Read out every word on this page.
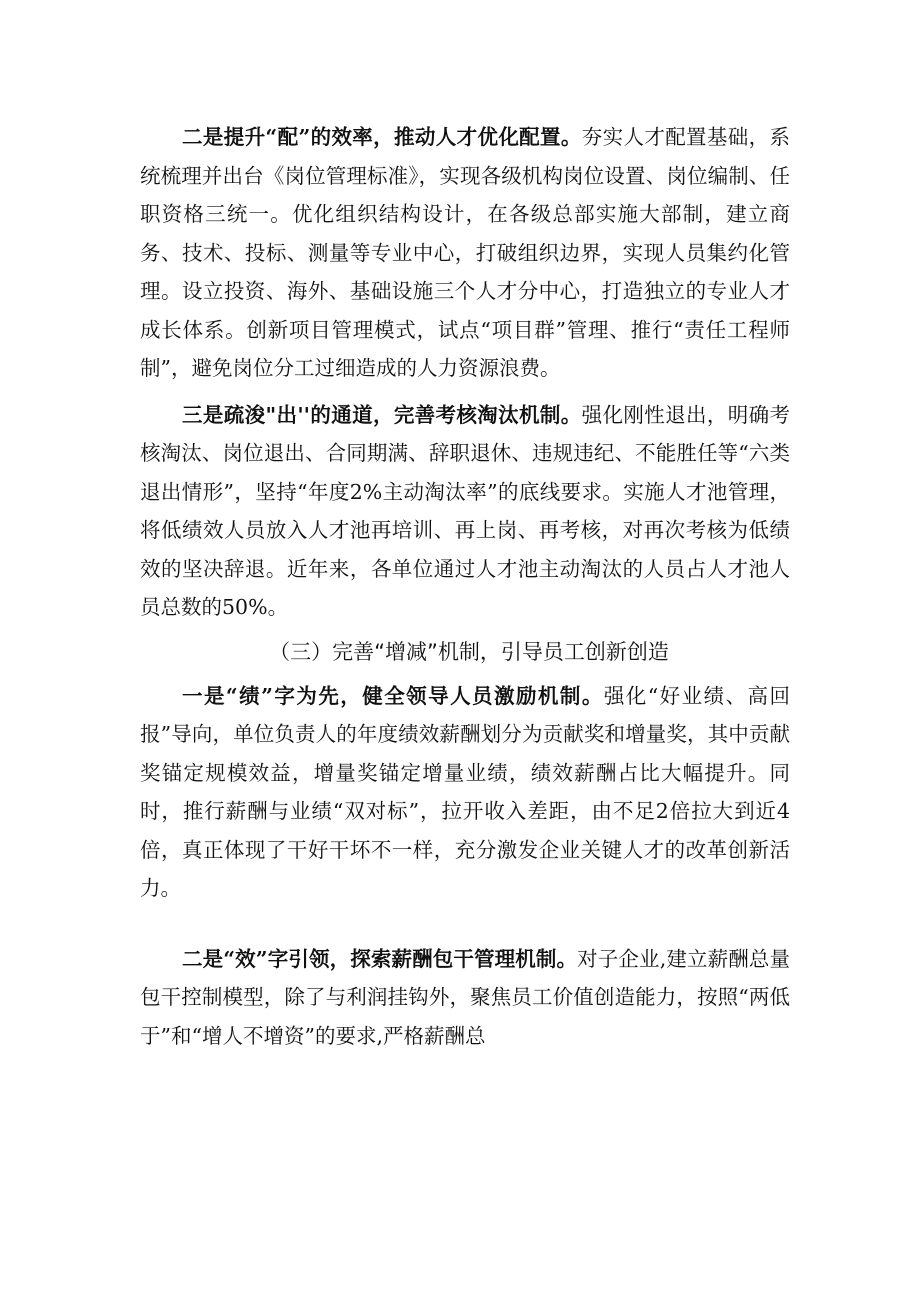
二是提升“配”的效率，推动人才优化配置。夯实人才配置基础，系统梳理并出台《岗位管理标准》，实现各级机构岗位设置、岗位编制、任职资格三统一。优化组织结构设计，在各级总部实施大部制，建立商务、技术、投标、测量等专业中心，打破组织边界，实现人员集约化管理。设立投资、海外、基础设施三个人才分中心，打造独立的专业人才成长体系。创新项目管理模式，试点“项目群”管理、推行“责任工程师制”，避免岗位分工过细造成的人力资源浪费。

三是疏浚"出''的通道，完善考核淘汰机制。强化刚性退出，明确考核淘汰、岗位退出、合同期满、辞职退休、违规违纪、不能胜任等“六类退出情形”，坚持“年度2%主动淘汰率”的底线要求。实施人才池管理，将低绩效人员放入人才池再培训、再上岗、再考核，对再次考核为低绩效的坚决辞退。近年来，各单位通过人才池主动淘汰的人员占人才池人员总数的50%。

（三）完善“增减”机制，引导员工创新创造

一是“绩”字为先，健全领导人员激励机制。强化“好业绩、高回报”导向，单位负责人的年度绩效薪酬划分为贡献奖和增量奖，其中贡献奖锚定规模效益，增量奖锚定增量业绩，绩效薪酬占比大幅提升。同时，推行薪酬与业绩“双对标”，拉开收入差距，由不足2倍拉大到近4倍，真正体现了干好干坏不一样，充分激发企业关键人才的改革创新活力。

二是“效”字引领，探索薪酬包干管理机制。对子企业,建立薪酬总量包干控制模型，除了与利润挂钩外，聚焦员工价值创造能力，按照“两低于”和“增人不增资”的要求,严格薪酬总
